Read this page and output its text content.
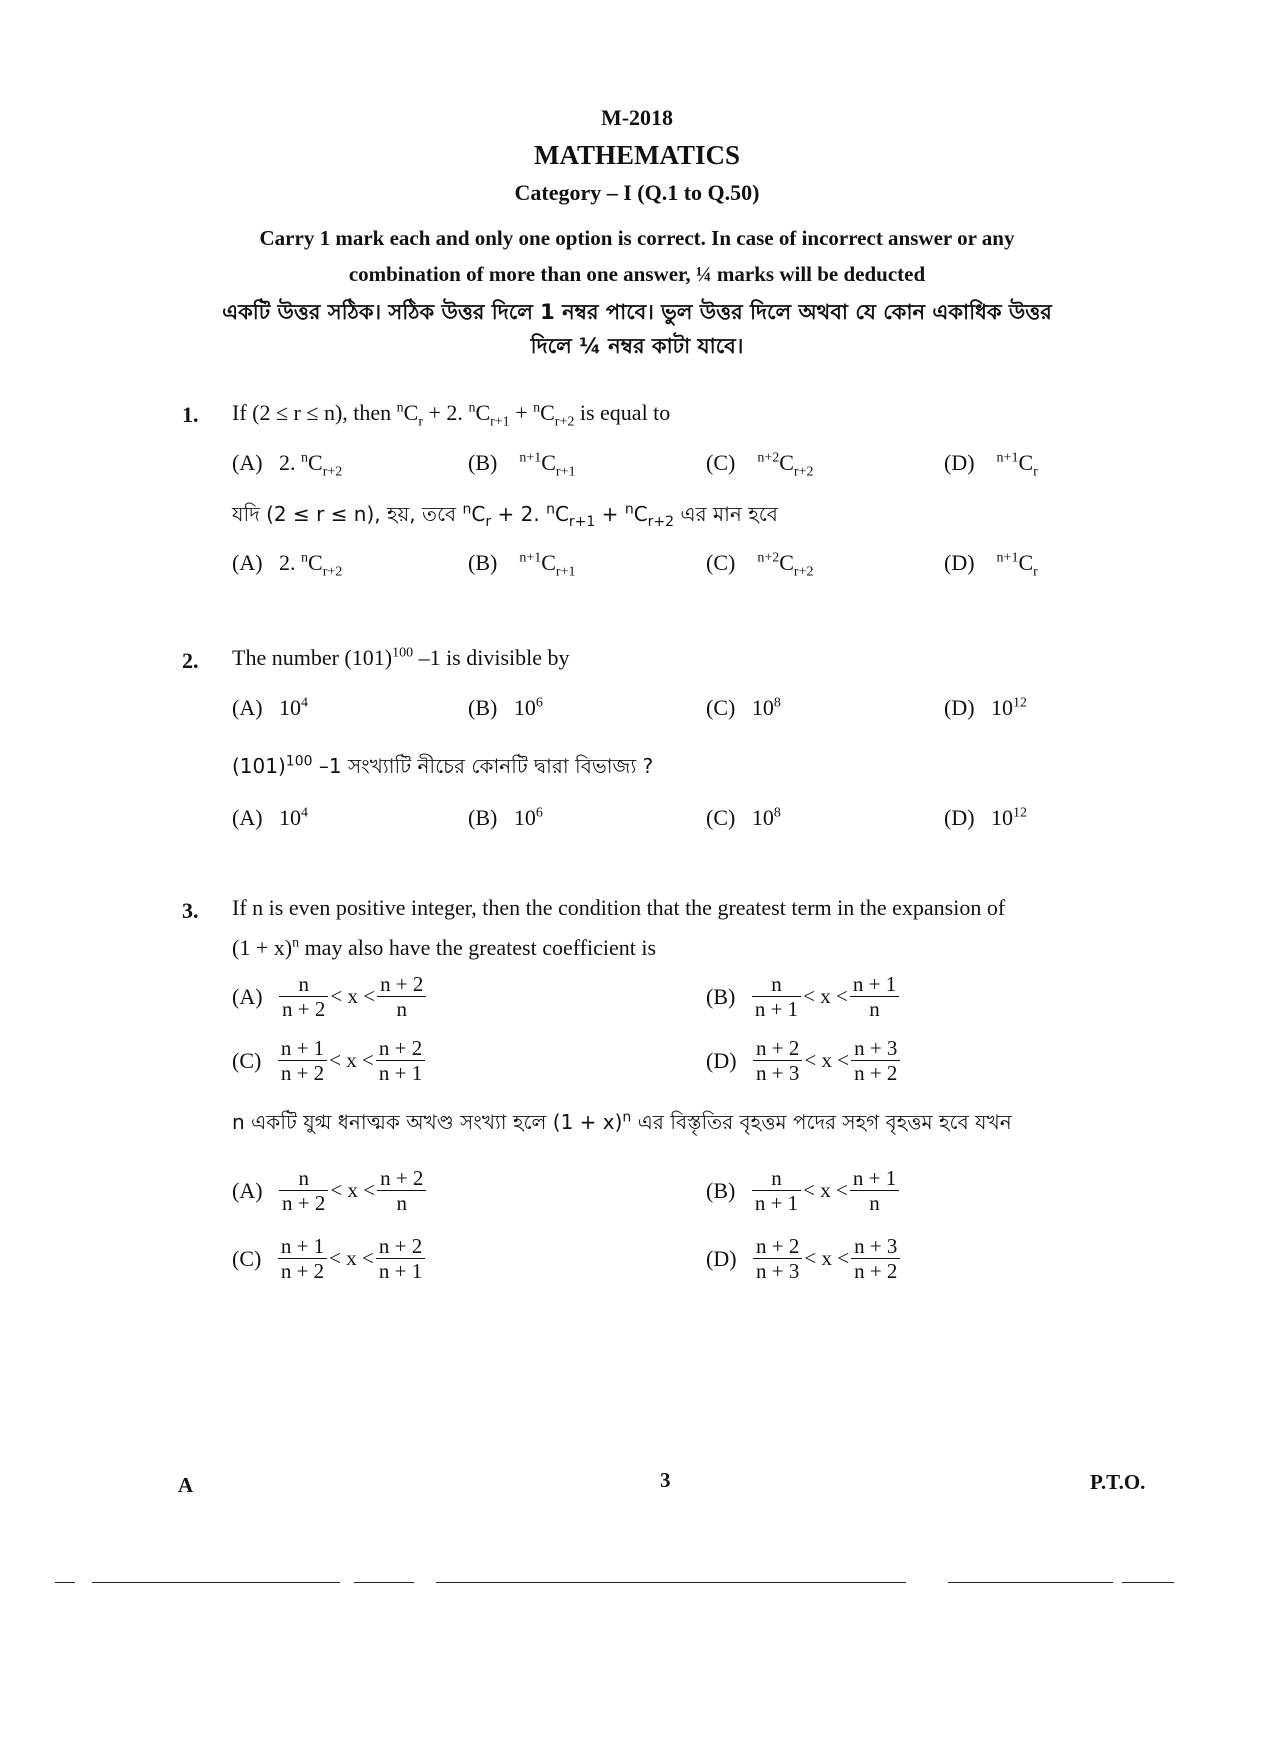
M-2018
MATHEMATICS
Category – I (Q.1 to Q.50)
Carry 1 mark each and only one option is correct. In case of incorrect answer or any
combination of more than one answer, ¼ marks will be deducted
একটি উত্তর সঠিক। সঠিক উত্তর দিলে 1 নম্বর পাবে। ভুল উত্তর দিলে অথবা যে কোন একাধিক উত্তর
দিলে ¼ নম্বর কাটা যাবে।
1. If (2 ≤ r ≤ n), then $^nC_r + 2$. $^nC_{r+1} + ^nC_{r+2}$ is equal to
(A) 2. $^nC_{r+2}$	(B) $^{n+1}C_{r+1}$	(C) $^{n+2}C_{r+2}$	(D) $^{n+1}C_r$
যদি (2 ≤ r ≤ n), হয়, তবে $^nC_r + 2$. $^nC_{r+1} + ^nC_{r+2}$ এর মান হবে
(A) 2. $^nC_{r+2}$	(B) $^{n+1}C_{r+1}$	(C) $^{n+2}C_{r+2}$	(D) $^{n+1}C_r$
2. The number $(101)^{100}$ –1 is divisible by
(A) $10^4$	(B) $10^6$	(C) $10^8$	(D) $10^{12}$
$(101)^{100}$ –1 সংখ্যাটি নীচের কোনটি দ্বারা বিভাজ্য ?
(A) $10^4$	(B) $10^6$	(C) $10^8$	(D) $10^{12}$
3. If n is even positive integer, then the condition that the greatest term in the expansion of
$(1 + x)^n$ may also have the greatest coefficient is
$(A) \frac{n}{n + 2} < x < \frac{n + 2}{n}$	$(B) \frac{n}{n + 1} < x < \frac{n + 1}{n}$
$(C) \frac{n + 1}{n + 2} < x < \frac{n + 2}{n + 1}$	$(D) \frac{n + 2}{n + 3} < x < \frac{n + 3}{n + 2}$
n একটি যুগ্ম ধনাত্মক অখণ্ড সংখ্যা হলে $(1 + x)^n$ এর বিস্তৃতির বৃহত্তম পদের সহগ বৃহত্তম হবে যখন
$(A) \frac{n}{n + 2} < x < \frac{n + 2}{n}$	$(B) \frac{n}{n + 1} < x < \frac{n + 1}{n}$
$(C) \frac{n + 1}{n + 2} < x < \frac{n + 2}{n + 1}$	$(D) \frac{n + 2}{n + 3} < x < \frac{n + 3}{n + 2}$
A	3	P.T.O.
